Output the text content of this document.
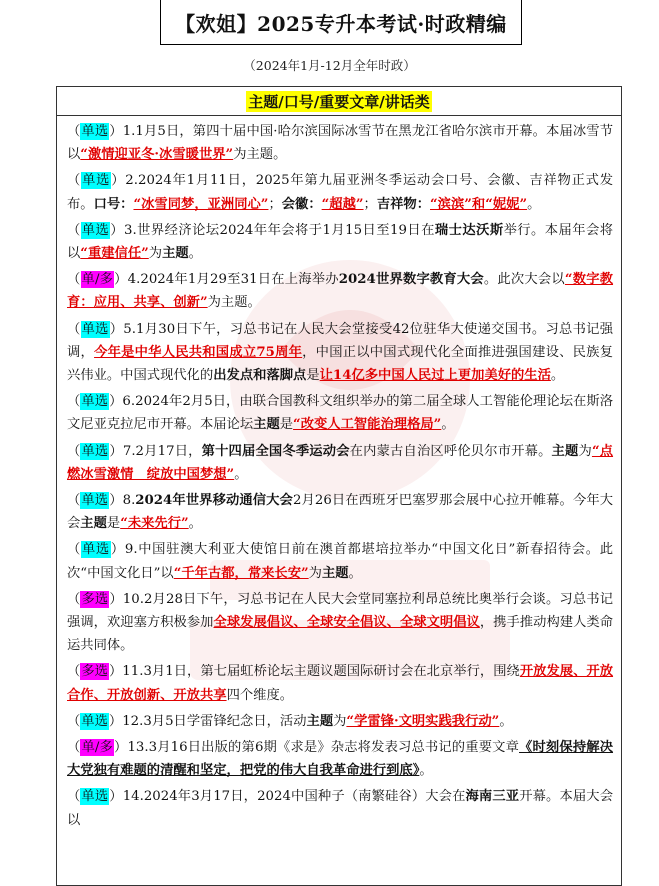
【欢姐】2025专升本考试·时政精编
（2024年1月-12月全年时政）
主题/口号/重要文章/讲话类
（单选）1.1月5日，第四十届中国·哈尔滨国际冰雪节在黑龙江省哈尔滨市开幕。本届冰雪节以“激情迎亚冬·冰雪暖世界”为主题。
（单选）2.2024年1月11日，2025年第九届亚洲冬季运动会口号、会徽、吉祥物正式发布。口号：“冰雪同梦，亚洲同心”；会徽：“超越”；吉祥物：“滨滨”和“妮妮”。
（单选）3.世界经济论坛2024年年会将于1月15日至19日在瑞士达沃斯举行。本届年会将以“重建信任”为主题。
（单/多）4.2024年1月29至31日在上海举办2024世界数字教育大会。此次大会以“数字教育：应用、共享、创新”为主题。
（单选）5.1月30日下午，习总书记在人民大会堂接受42位驻华大使递交国书。习总书记强调，今年是中华人民共和国成立75周年，中国正以中国式现代化全面推进强国建设、民族复兴伟业。中国式现代化的出发点和落脚点是让14亿多中国人民过上更加美好的生活。
（单选）6.2024年2月5日，由联合国教科文组织举办的第二届全球人工智能伦理论坛在斯洛文尼亚克拉尼市开幕。本届论坛主题是“改变人工智能治理格局”。
（单选）7.2月17日，第十四届全国冬季运动会在内蒙古自治区呼伦贝尔市开幕。主题为“点燃冰雪激情　绽放中国梦想”。
（单选）8.2024年世界移动通信大会2月26日在西班牙巴塞罗那会展中心拉开帷幕。今年大会主题是“未来先行”。
（单选）9.中国驻澳大利亚大使馆日前在澳首都堪培拉举办“中国文化日”新春招待会。此次“中国文化日”以“千年古都，常来长安”为主题。
（多选）10.2月28日下午，习总书记在人民大会堂同塞拉利昂总统比奥举行会谈。习总书记强调，欢迎塞方积极参加全球发展倡议、全球安全倡议、全球文明倡议，携手推动构建人类命运共同体。
（多选）11.3月1日，第七届虹桥论坛主题议题国际研讨会在北京举行，围绕开放发展、开放合作、开放创新、开放共享四个维度。
（单选）12.3月5日学雷锋纪念日，活动主题为“学雷锋·文明实践我行动”。
（单/多）13.3月16日出版的第6期《求是》杂志将发表习总书记的重要文章《时刻保持解决大党独有难题的清醒和坚定，把党的伟大自我革命进行到底》。
（单选）14.2024年3月17日，2024中国种子（南繁硅谷）大会在海南三亚开幕。本届大会以
